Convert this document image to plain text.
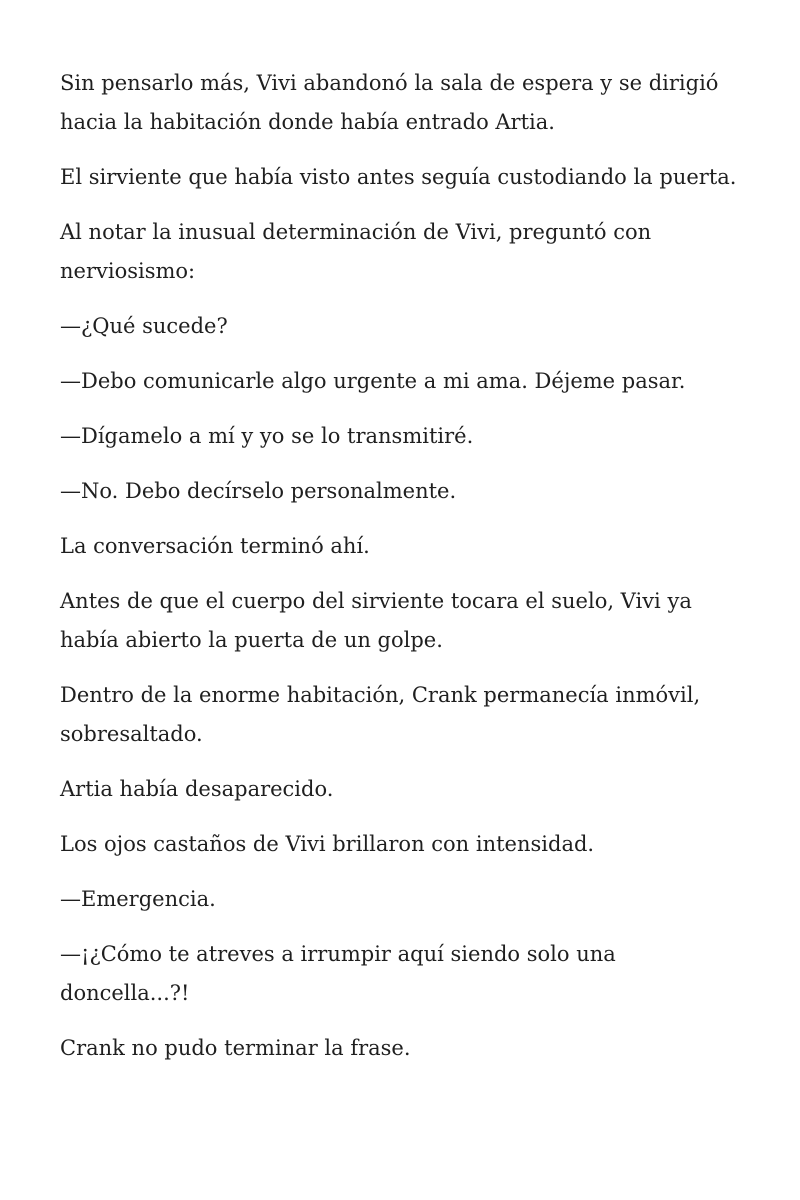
Sin pensarlo más, Vivi abandonó la sala de espera y se dirigió hacia la habitación donde había entrado Artia.

El sirviente que había visto antes seguía custodiando la puerta.

Al notar la inusual determinación de Vivi, preguntó con nerviosismo:

—¿Qué sucede?

—Debo comunicarle algo urgente a mi ama. Déjeme pasar.

—Dígamelo a mí y yo se lo transmitiré.

—No. Debo decírselo personalmente.

La conversación terminó ahí.

Antes de que el cuerpo del sirviente tocara el suelo, Vivi ya había abierto la puerta de un golpe.

Dentro de la enorme habitación, Crank permanecía inmóvil, sobresaltado.

Artia había desaparecido.

Los ojos castaños de Vivi brillaron con intensidad.

—Emergencia.

—¡¿Cómo te atreves a irrumpir aquí siendo solo una doncella...?!

Crank no pudo terminar la frase.
